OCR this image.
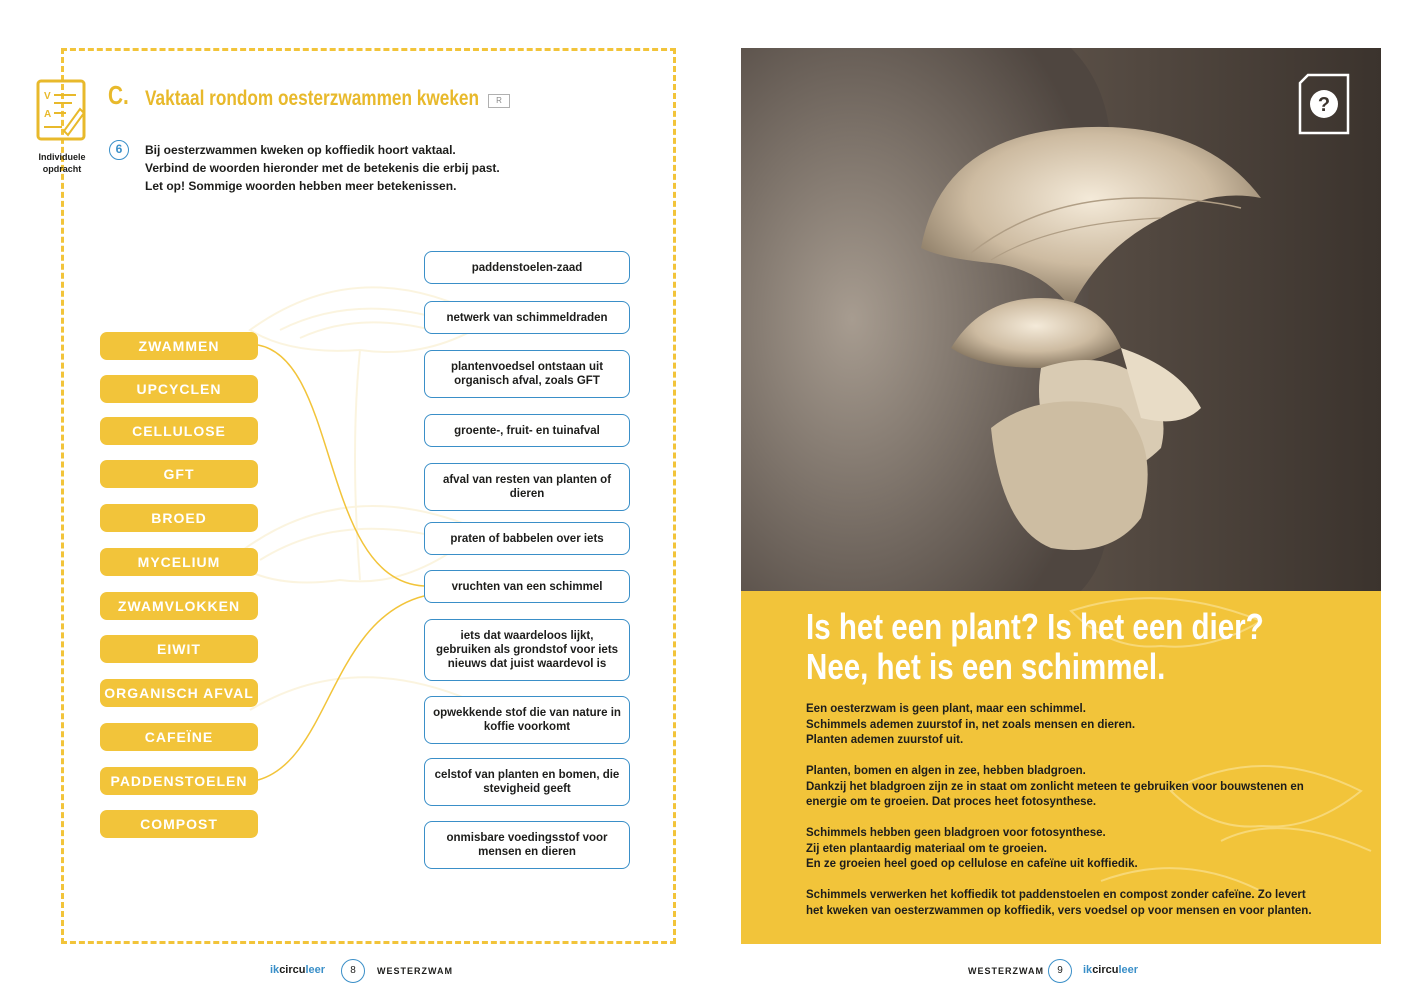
V
A
Individuele opdracht
C. Vaktaal rondom oesterzwammen kweken	R
6	Bij oesterzwammen kweken op koffiedik hoort vaktaal.
Verbind de woorden hieronder met de betekenis die erbij past.
Let op! Sommige woorden hebben meer betekenissen.
ZWAMMEN
UPCYCLEN
CELLULOSE
GFT
BROED
MYCELIUM
ZWAMVLOKKEN
EIWIT
ORGANISCH AFVAL
CAFEÏNE
PADDENSTOELEN
COMPOST
paddenstoelen-zaad
netwerk van schimmeldraden
plantenvoedsel ontstaan uit organisch afval, zoals GFT
groente-, fruit- en tuinafval
afval van resten van planten of dieren
praten of babbelen over iets
vruchten van een schimmel
iets dat waardeloos lijkt, gebruiken als grondstof voor iets nieuws dat juist waardevol is
opwekkende stof die van nature in koffie voorkomt
celstof van planten en bomen, die stevigheid geeft
onmisbare voedingsstof voor mensen en dieren
ikcirculeer	8	WESTERZWAM
?
Is het een plant? Is het een dier?
Nee, het is een schimmel.
Een oesterzwam is geen plant, maar een schimmel.
Schimmels ademen zuurstof in, net zoals mensen en dieren.
Planten ademen zuurstof uit.
Planten, bomen en algen in zee, hebben bladgroen.
Dankzij het bladgroen zijn ze in staat om zonlicht meteen te gebruiken voor bouwstenen en
energie om te groeien. Dat proces heet fotosynthese.
Schimmels hebben geen bladgroen voor fotosynthese.
Zij eten plantaardig materiaal om te groeien.
En ze groeien heel goed op cellulose en cafeïne uit koffiedik.
Schimmels verwerken het koffiedik tot paddenstoelen en compost zonder cafeïne. Zo levert
het kweken van oesterzwammen op koffiedik, vers voedsel op voor mensen en voor planten.
WESTERZWAM	9	ikcirculeer
